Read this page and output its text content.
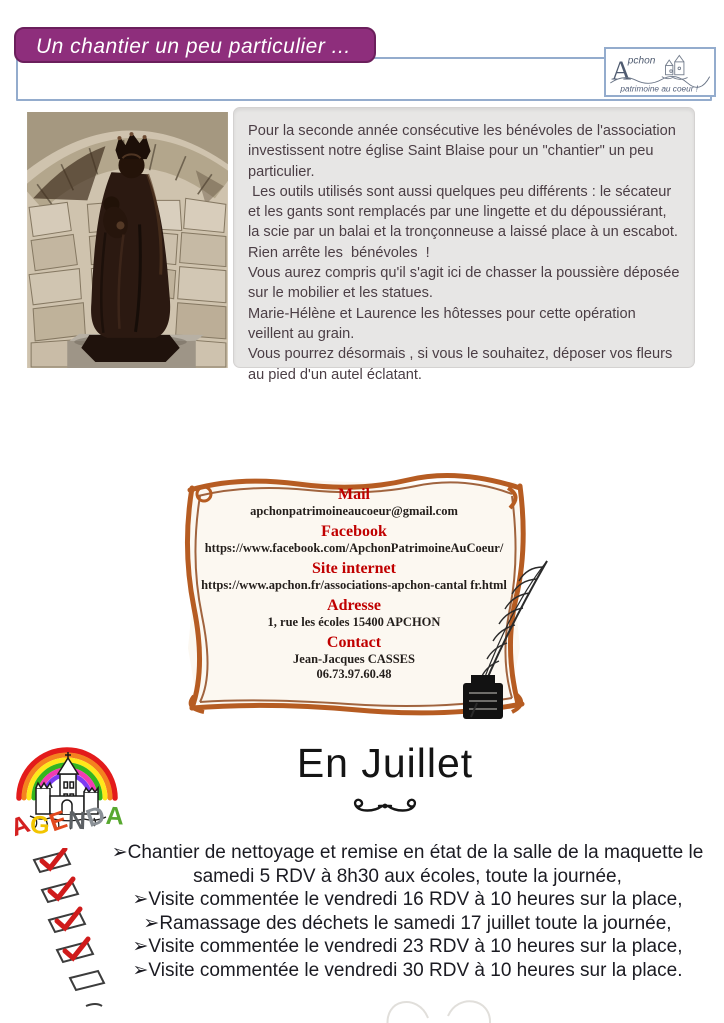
Un chantier un peu particulier ...
A
pchon
patrimoine au coeur !
Pour la seconde année consécutive les bénévoles de l'association investissent notre église Saint Blaise pour un "chantier" un peu particulier.
Les outils utilisés sont aussi quelques peu différents : le sécateur et les gants sont remplacés par une lingette et du dépoussiérant, la scie par un balai et la tronçonneuse a laissé place à un escabot.
Rien arrête les  bénévoles  !
Vous aurez compris qu'il s'agit ici de chasser la poussière déposée sur le mobilier et les statues.
Marie-Hélène et Laurence les hôtesses pour cette opération veillent au grain.
Vous pourrez désormais , si vous le souhaitez, déposer vos fleurs au pied d'un autel éclatant.
Mail
apchonpatrimoineaucoeur@gmail.com
Facebook
https://www.facebook.com/ApchonPatrimoineAuCoeur/
Site internet
https://www.apchon.fr/associations-apchon-cantal fr.html
Adresse
1, rue les écoles 15400 APCHON
Contact
Jean-Jacques CASSES
06.73.97.60.48
En Juillet
AGENDA
➢Chantier de nettoyage et remise en état de la salle de la maquette le samedi 5 RDV à 8h30 aux écoles, toute la journée,
➢Visite commentée le vendredi 16 RDV à 10 heures sur la place,
➢Ramassage des déchets le samedi 17 juillet toute la journée,
➢Visite commentée le vendredi 23 RDV à 10 heures sur la place,
➢Visite commentée le vendredi 30 RDV à 10 heures sur la place.
